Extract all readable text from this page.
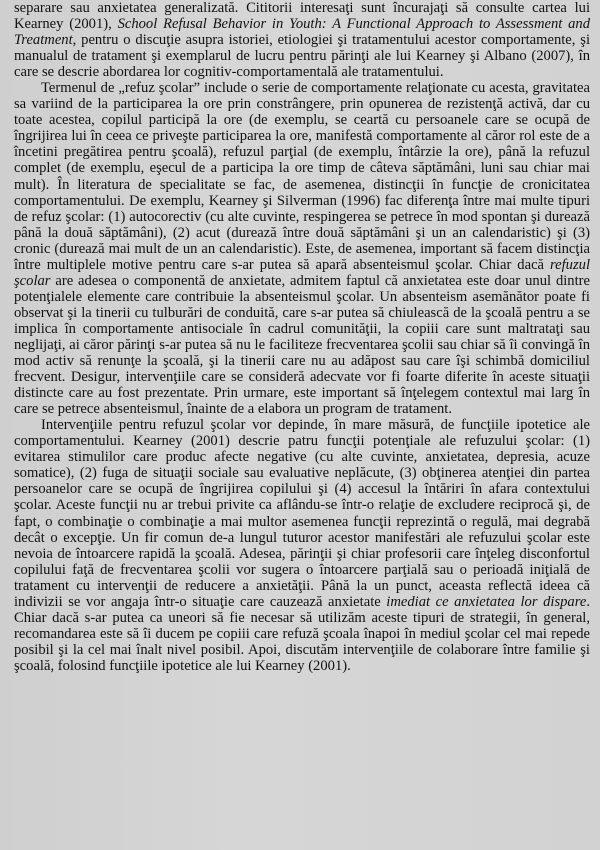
separare sau anxietatea generalizată. Cititorii interesaţi sunt încurajaţi să consulte cartea lui Kearney (2001), School Refusal Behavior in Youth: A Functional Approach to Assessment and Treatment, pentru o discuţie asupra istoriei, etiologiei şi tratamentului acestor comportamente, şi manualul de tratament şi exemplarul de lucru pentru părinţi ale lui Kearney şi Albano (2007), în care se descrie abordarea lor cognitiv-comportamentală ale tratamentului.

Termenul de „refuz şcolar” include o serie de comportamente relaţionate cu acesta, gravitatea sa variind de la participarea la ore prin constrângere, prin opunerea de rezistenţă activă, dar cu toate acestea, copilul participă la ore (de exemplu, se ceartă cu persoanele care se ocupă de îngrijirea lui în ceea ce priveşte participarea la ore, manifestă comportamente al căror rol este de a încetini pregătirea pentru şcoală), refuzul parţial (de exemplu, întârzie la ore), până la refuzul complet (de exemplu, eşecul de a participa la ore timp de câteva săptămâni, luni sau chiar mai mult). În literatura de specialitate se fac, de asemenea, distincţii în funcţie de cronicitatea comportamentului. De exemplu, Kearney şi Silverman (1996) fac diferenţa între mai multe tipuri de refuz şcolar: (1) autocorectiv (cu alte cuvinte, respingerea se petrece în mod spontan şi durează până la două săptămâni), (2) acut (durează între două săptămâni şi un an calendaristic) şi (3) cronic (durează mai mult de un an calendaristic). Este, de asemenea, important să facem distincţia între multiplele motive pentru care s-ar putea să apară absenteismul şcolar. Chiar dacă refuzul şcolar are adesea o componentă de anxietate, admitem faptul că anxietatea este doar unul dintre potenţialele elemente care contribuie la absenteismul şcolar. Un absenteism asemănător poate fi observat şi la tinerii cu tulburări de conduită, care s-ar putea să chiulească de la şcoală pentru a se implica în comportamente antisociale în cadrul comunităţii, la copiii care sunt maltrataţi sau neglijaţi, ai căror părinţi s-ar putea să nu le faciliteze frecventarea şcolii sau chiar să îi convingă în mod activ să renunţe la şcoală, şi la tinerii care nu au adăpost sau care îşi schimbă domiciliul frecvent. Desigur, intervenţiile care se consideră adecvate vor fi foarte diferite în aceste situaţii distincte care au fost prezentate. Prin urmare, este important să înţelegem contextul mai larg în care se petrece absenteismul, înainte de a elabora un program de tratament.

Intervenţiile pentru refuzul şcolar vor depinde, în mare măsură, de funcţiile ipotetice ale comportamentului. Kearney (2001) descrie patru funcţii potenţiale ale refuzului şcolar: (1) evitarea stimulilor care produc afecte negative (cu alte cuvinte, anxietatea, depresia, acuze somatice), (2) fuga de situaţii sociale sau evaluative neplăcute, (3) obţinerea atenţiei din partea persoanelor care se ocupă de îngrijirea copilului şi (4) accesul la întăriri în afara contextului şcolar. Aceste funcţii nu ar trebui privite ca aflându-se într-o relaţie de excludere reciprocă şi, de fapt, o combinaţie o combinaţie a mai multor asemenea funcţii reprezintă o regulă, mai degrabă decât o excepţie. Un fir comun de-a lungul tuturor acestor manifestări ale refuzului şcolar este nevoia de întoarcere rapidă la şcoală. Adesea, părinţii şi chiar profesorii care înţeleg disconfortul copilului faţă de frecventarea şcolii vor sugera o întoarcere parţială sau o perioadă iniţială de tratament cu intervenţii de reducere a anxietăţii. Până la un punct, aceasta reflectă ideea că indivizii se vor angaja într-o situaţie care cauzează anxietate imediat ce anxietatea lor dispare. Chiar dacă s-ar putea ca uneori să fie necesar să utilizăm aceste tipuri de strategii, în general, recomandarea este să îi ducem pe copiii care refuză şcoala înapoi în mediul şcolar cel mai repede posibil şi la cel mai înalt nivel posibil. Apoi, discutăm intervenţiile de colaborare între familie şi şcoală, folosind funcţiile ipotetice ale lui Kearney (2001).
